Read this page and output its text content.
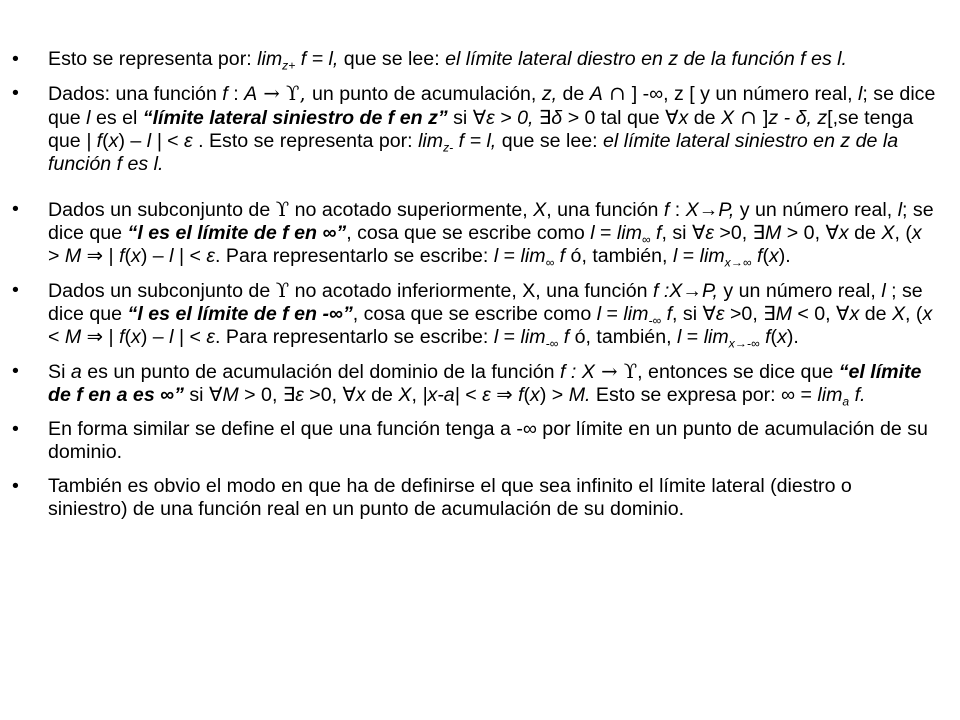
• Esto se representa por: $\lim_{z+} f = l$, que se lee: el límite lateral diestro en z de la función f es l.
• Dados: una función f : A → ϒ, un punto de acumulación, z, de A ∩ ] -∞, z [ y un número real, l; se dice que l es el “límite lateral siniestro de f en z” si ∀ε > 0, ∃δ > 0 tal que ∀x de X ∩ ]z - δ, z[,se tenga que | f(x) – l | < ε . Esto se representa por: $\lim_{z-} f = l$, que se lee: el límite lateral siniestro en z de la función f es l.
• Dados un subconjunto de ϒ no acotado superiormente, X, una función f : X→P, y un número real, l; se dice que “l es el límite de f en ∞”, cosa que se escribe como $l = \lim_\infty f$, si ∀ε >0, ∃M > 0, ∀x de X, (x > M ⇒ | f(x) – l | < ε. Para representarlo se escribe: $l = \lim_\infty f$ ó, también, $l = \lim_{x\to\infty} f(x)$.
• Dados un subconjunto de ϒ no acotado inferiormente, X, una función f :X→P, y un número real, l ; se dice que “l es el límite de f en -∞”, cosa que se escribe como $l = \lim_{-\infty} f$, si ∀ε >0, ∃M < 0, ∀x de X, (x < M ⇒ | f(x) – l | < ε. Para representarlo se escribe: $l = \lim_{-\infty} f$ ó, también, $l = \lim_{x\to-\infty} f(x)$.
• Si a es un punto de acumulación del dominio de la función f : X → ϒ, entonces se dice que “el límite de f en a es ∞” si ∀M > 0, ∃ε >0, ∀x de X, |x-a| < ε ⇒ f(x) > M. Esto se expresa por: ∞ = $\lim_a f$.
• En forma similar se define el que una función tenga a -∞ por límite en un punto de acumulación de su dominio.
• También es obvio el modo en que ha de definirse el que sea infinito el límite lateral (diestro o siniestro) de una función real en un punto de acumulación de su dominio.
